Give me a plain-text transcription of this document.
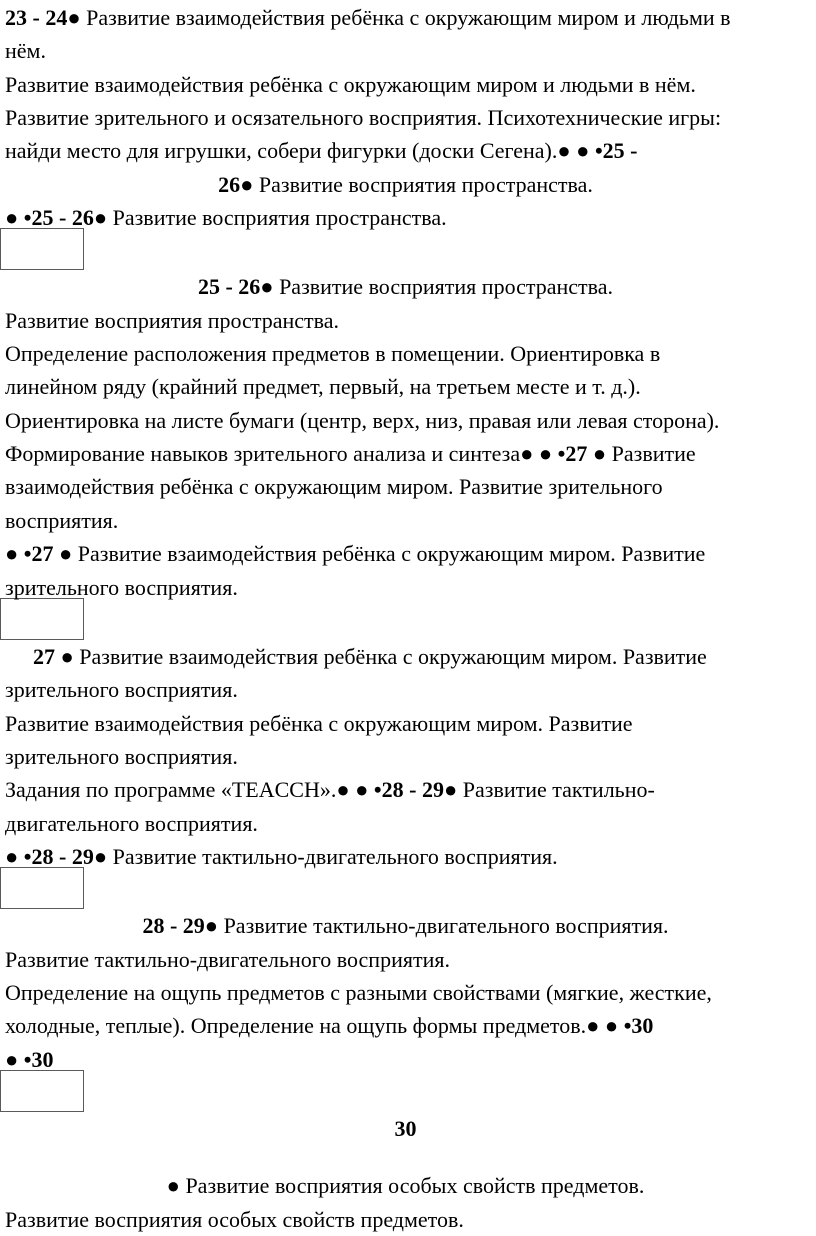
23 - 24● Развитие взаимодействия ребёнка с окружающим миром и людьми в
нём.
Развитие взаимодействия ребёнка с окружающим миром и людьми в нём.
Развитие зрительного и осязательного восприятия. Психотехнические игры:
найди место для игрушки, собери фигурки (доски Сегена).● ● •25 -
26● Развитие восприятия пространства.
● •25 - 26● Развитие восприятия пространства.
25 - 26● Развитие восприятия пространства.
Развитие восприятия пространства.
Определение расположения предметов в помещении. Ориентировка в
линейном ряду (крайний предмет, первый, на третьем месте и т. д.).
Ориентировка на листе бумаги (центр, верх, низ, правая или левая сторона).
Формирование навыков зрительного анализа и синтеза● ● •27 ● Развитие
взаимодействия ребёнка с окружающим миром. Развитие зрительного
восприятия.
● •27 ● Развитие взаимодействия ребёнка с окружающим миром. Развитие
зрительного восприятия.
27 ● Развитие взаимодействия ребёнка с окружающим миром. Развитие
зрительного восприятия.
Развитие взаимодействия ребёнка с окружающим миром. Развитие
зрительного восприятия.
Задания по программе «TEACCH».● ● •28 - 29● Развитие тактильно-
двигательного восприятия.
● •28 - 29● Развитие тактильно-двигательного восприятия.
28 - 29● Развитие тактильно-двигательного восприятия.
Развитие тактильно-двигательного восприятия.
Определение на ощупь предметов с разными свойствами (мягкие, жесткие,
холодные, теплые). Определение на ощупь формы предметов.● ● •30
● •30
30
● Развитие восприятия особых свойств предметов.
Развитие восприятия особых свойств предметов.
